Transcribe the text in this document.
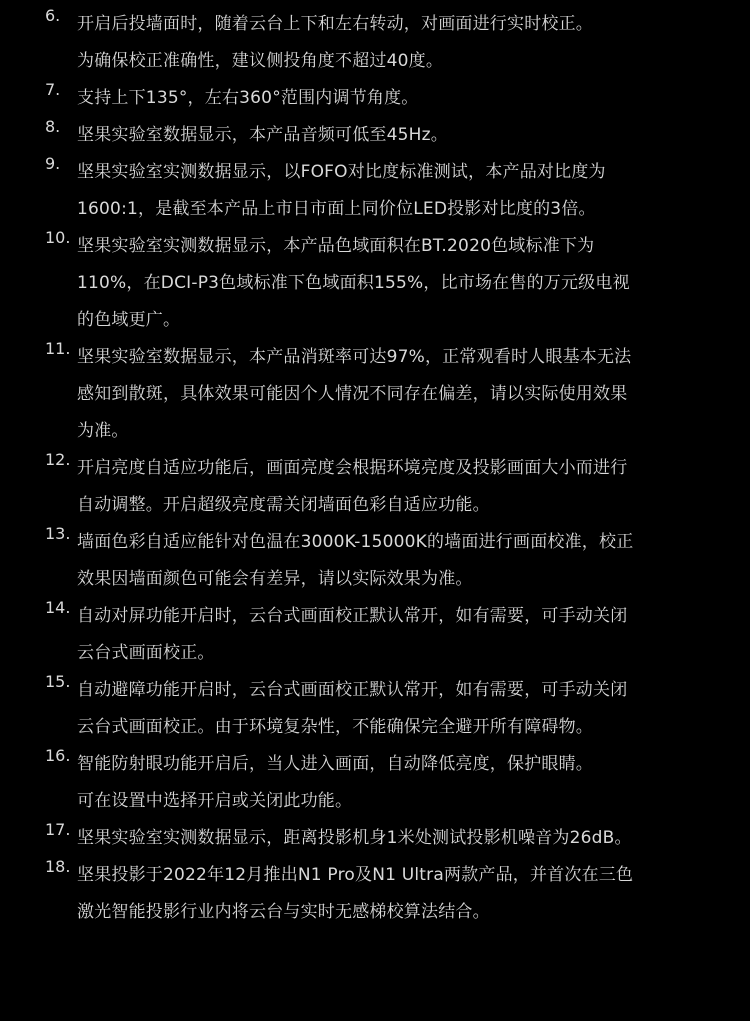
6. 开启后投墙面时，随着云台上下和左右转动，对画面进行实时校正。
为确保校正准确性，建议侧投角度不超过40度。
7. 支持上下135°，左右360°范围内调节角度。
8. 坚果实验室数据显示，本产品音频可低至45Hz。
9. 坚果实验室实测数据显示，以FOFO对比度标准测试，本产品对比度为
1600:1，是截至本产品上市日市面上同价位LED投影对比度的3倍。
10. 坚果实验室实测数据显示，本产品色域面积在BT.2020色域标准下为
110%，在DCI-P3色域标准下色域面积155%，比市场在售的万元级电视
的色域更广。
11. 坚果实验室数据显示，本产品消斑率可达97%，正常观看时人眼基本无法
感知到散斑，具体效果可能因个人情况不同存在偏差，请以实际使用效果
为准。
12. 开启亮度自适应功能后，画面亮度会根据环境亮度及投影画面大小而进行
自动调整。开启超级亮度需关闭墙面色彩自适应功能。
13. 墙面色彩自适应能针对色温在3000K-15000K的墙面进行画面校准，校正
效果因墙面颜色可能会有差异，请以实际效果为准。
14. 自动对屏功能开启时，云台式画面校正默认常开，如有需要，可手动关闭
云台式画面校正。
15. 自动避障功能开启时，云台式画面校正默认常开，如有需要，可手动关闭
云台式画面校正。由于环境复杂性，不能确保完全避开所有障碍物。
16. 智能防射眼功能开启后，当人进入画面，自动降低亮度，保护眼睛。
可在设置中选择开启或关闭此功能。
17. 坚果实验室实测数据显示，距离投影机身1米处测试投影机噪音为26dB。
18. 坚果投影于2022年12月推出N1 Pro及N1 Ultra两款产品，并首次在三色
激光智能投影行业内将云台与实时无感梯校算法结合。
